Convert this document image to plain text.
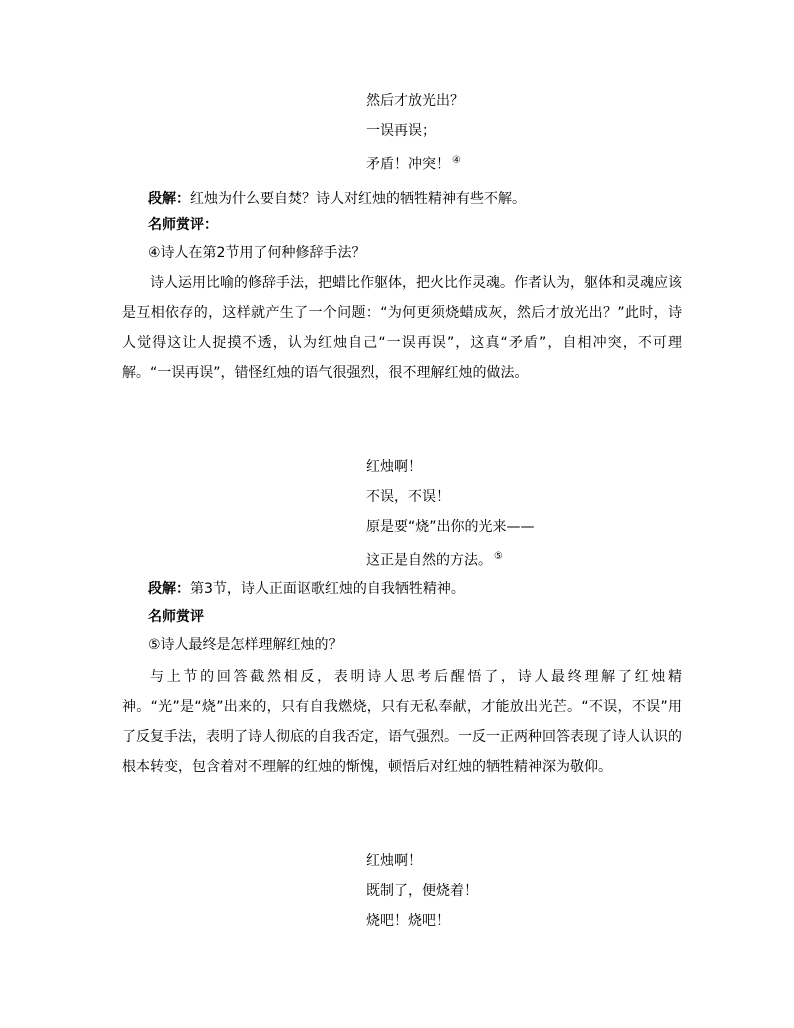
然后才放光出？
一误再误；
矛盾！冲突！ ④
段解：红烛为什么要自焚？诗人对红烛的牺牲精神有些不解。
名师赏评：
④诗人在第2节用了何种修辞手法？
诗人运用比喻的修辞手法，把蜡比作躯体，把火比作灵魂。作者认为，躯体和灵魂应该是互相依存的，这样就产生了一个问题：“为何更须烧蜡成灰，然后才放光出？”此时，诗人觉得这让人捉摸不透，认为红烛自己“一误再误”，这真“矛盾”，自相冲突，不可理解。“一误再误”，错怪红烛的语气很强烈，很不理解红烛的做法。
红烛啊！
不误，不误！
原是要“烧”出你的光来——
这正是自然的方法。 ⑤
段解：第3节，诗人正面讴歌红烛的自我牺牲精神。
名师赏评
⑤诗人最终是怎样理解红烛的？
与上节的回答截然相反，表明诗人思考后醒悟了，诗人最终理解了红烛精神。“光”是“烧”出来的，只有自我燃烧，只有无私奉献，才能放出光芒。“不误，不误”用了反复手法，表明了诗人彻底的自我否定，语气强烈。一反一正两种回答表现了诗人认识的根本转变，包含着对不理解的红烛的惭愧，顿悟后对红烛的牺牲精神深为敬仰。
红烛啊！
既制了，便烧着！
烧吧！烧吧！
